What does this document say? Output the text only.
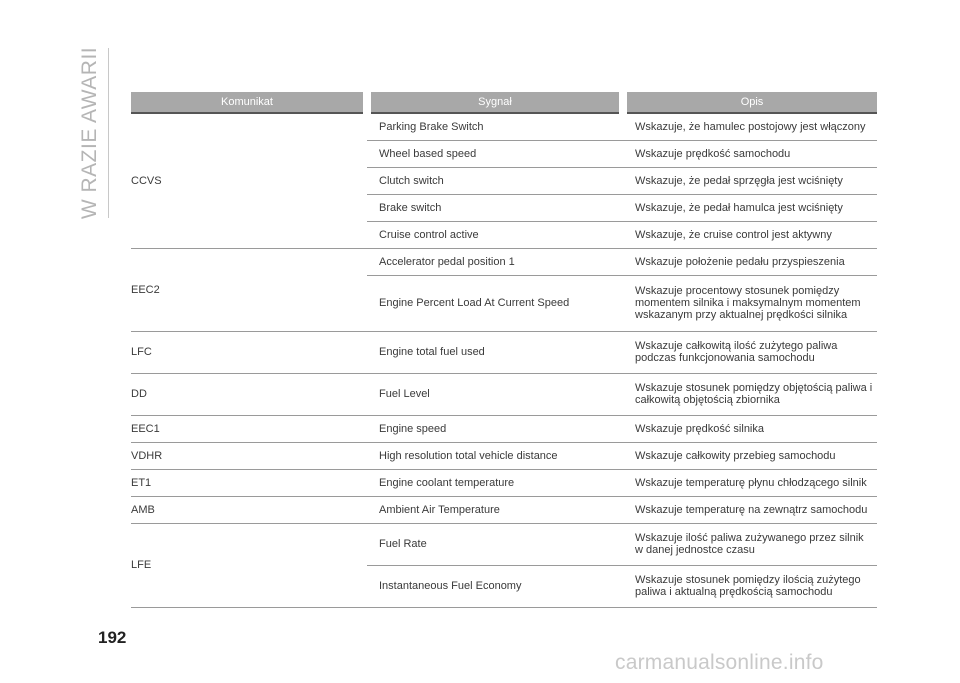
W RAZIE AWARII	Komunikat	Sygnał	Opis
CCVS	Parking Brake Switch	Wskazuje, że hamulec postojowy jest włączony
	Wheel based speed	Wskazuje prędkość samochodu
	Clutch switch	Wskazuje, że pedał sprzęgła jest wciśnięty
	Brake switch	Wskazuje, że pedał hamulca jest wciśnięty
	Cruise control active	Wskazuje, że cruise control jest aktywny
EEC2	Accelerator pedal position 1	Wskazuje położenie pedału przyspieszenia
	Engine Percent Load At Current Speed	Wskazuje procentowy stosunek pomiędzy momentem silnika i maksymalnym momentem wskazanym przy aktualnej prędkości silnika
LFC	Engine total fuel used	Wskazuje całkowitą ilość zużytego paliwa podczas funkcjonowania samochodu
DD	Fuel Level	Wskazuje stosunek pomiędzy objętością paliwa i całkowitą objętością zbiornika
EEC1	Engine speed	Wskazuje prędkość silnika
VDHR	High resolution total vehicle distance	Wskazuje całkowity przebieg samochodu
ET1	Engine coolant temperature	Wskazuje temperaturę płynu chłodzącego silnik
AMB	Ambient Air Temperature	Wskazuje temperaturę na zewnątrz samochodu
LFE	Fuel Rate	Wskazuje ilość paliwa zużywanego przez silnik w danej jednostce czasu
	Instantaneous Fuel Economy	Wskazuje stosunek pomiędzy ilością zużytego paliwa i aktualną prędkością samochodu
192
carmanualsonline.info
